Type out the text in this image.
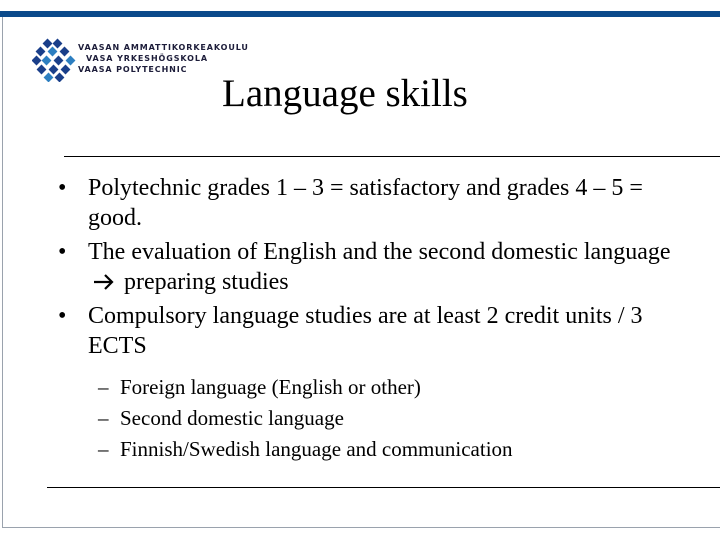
VAASAN AMMATTIKORKEAKOULU
VASA YRKESHÖGSKOLA
VAASA POLYTECHNIC
Language skills
• Polytechnic grades 1 – 3 = satisfactory and grades 4 – 5 = good.
• The evaluation of English and the second domestic language  preparing studies
• Compulsory language studies are at least 2 credit units / 3 ECTS
– Foreign language (English or other)
– Second domestic language
– Finnish/Swedish language and communication
